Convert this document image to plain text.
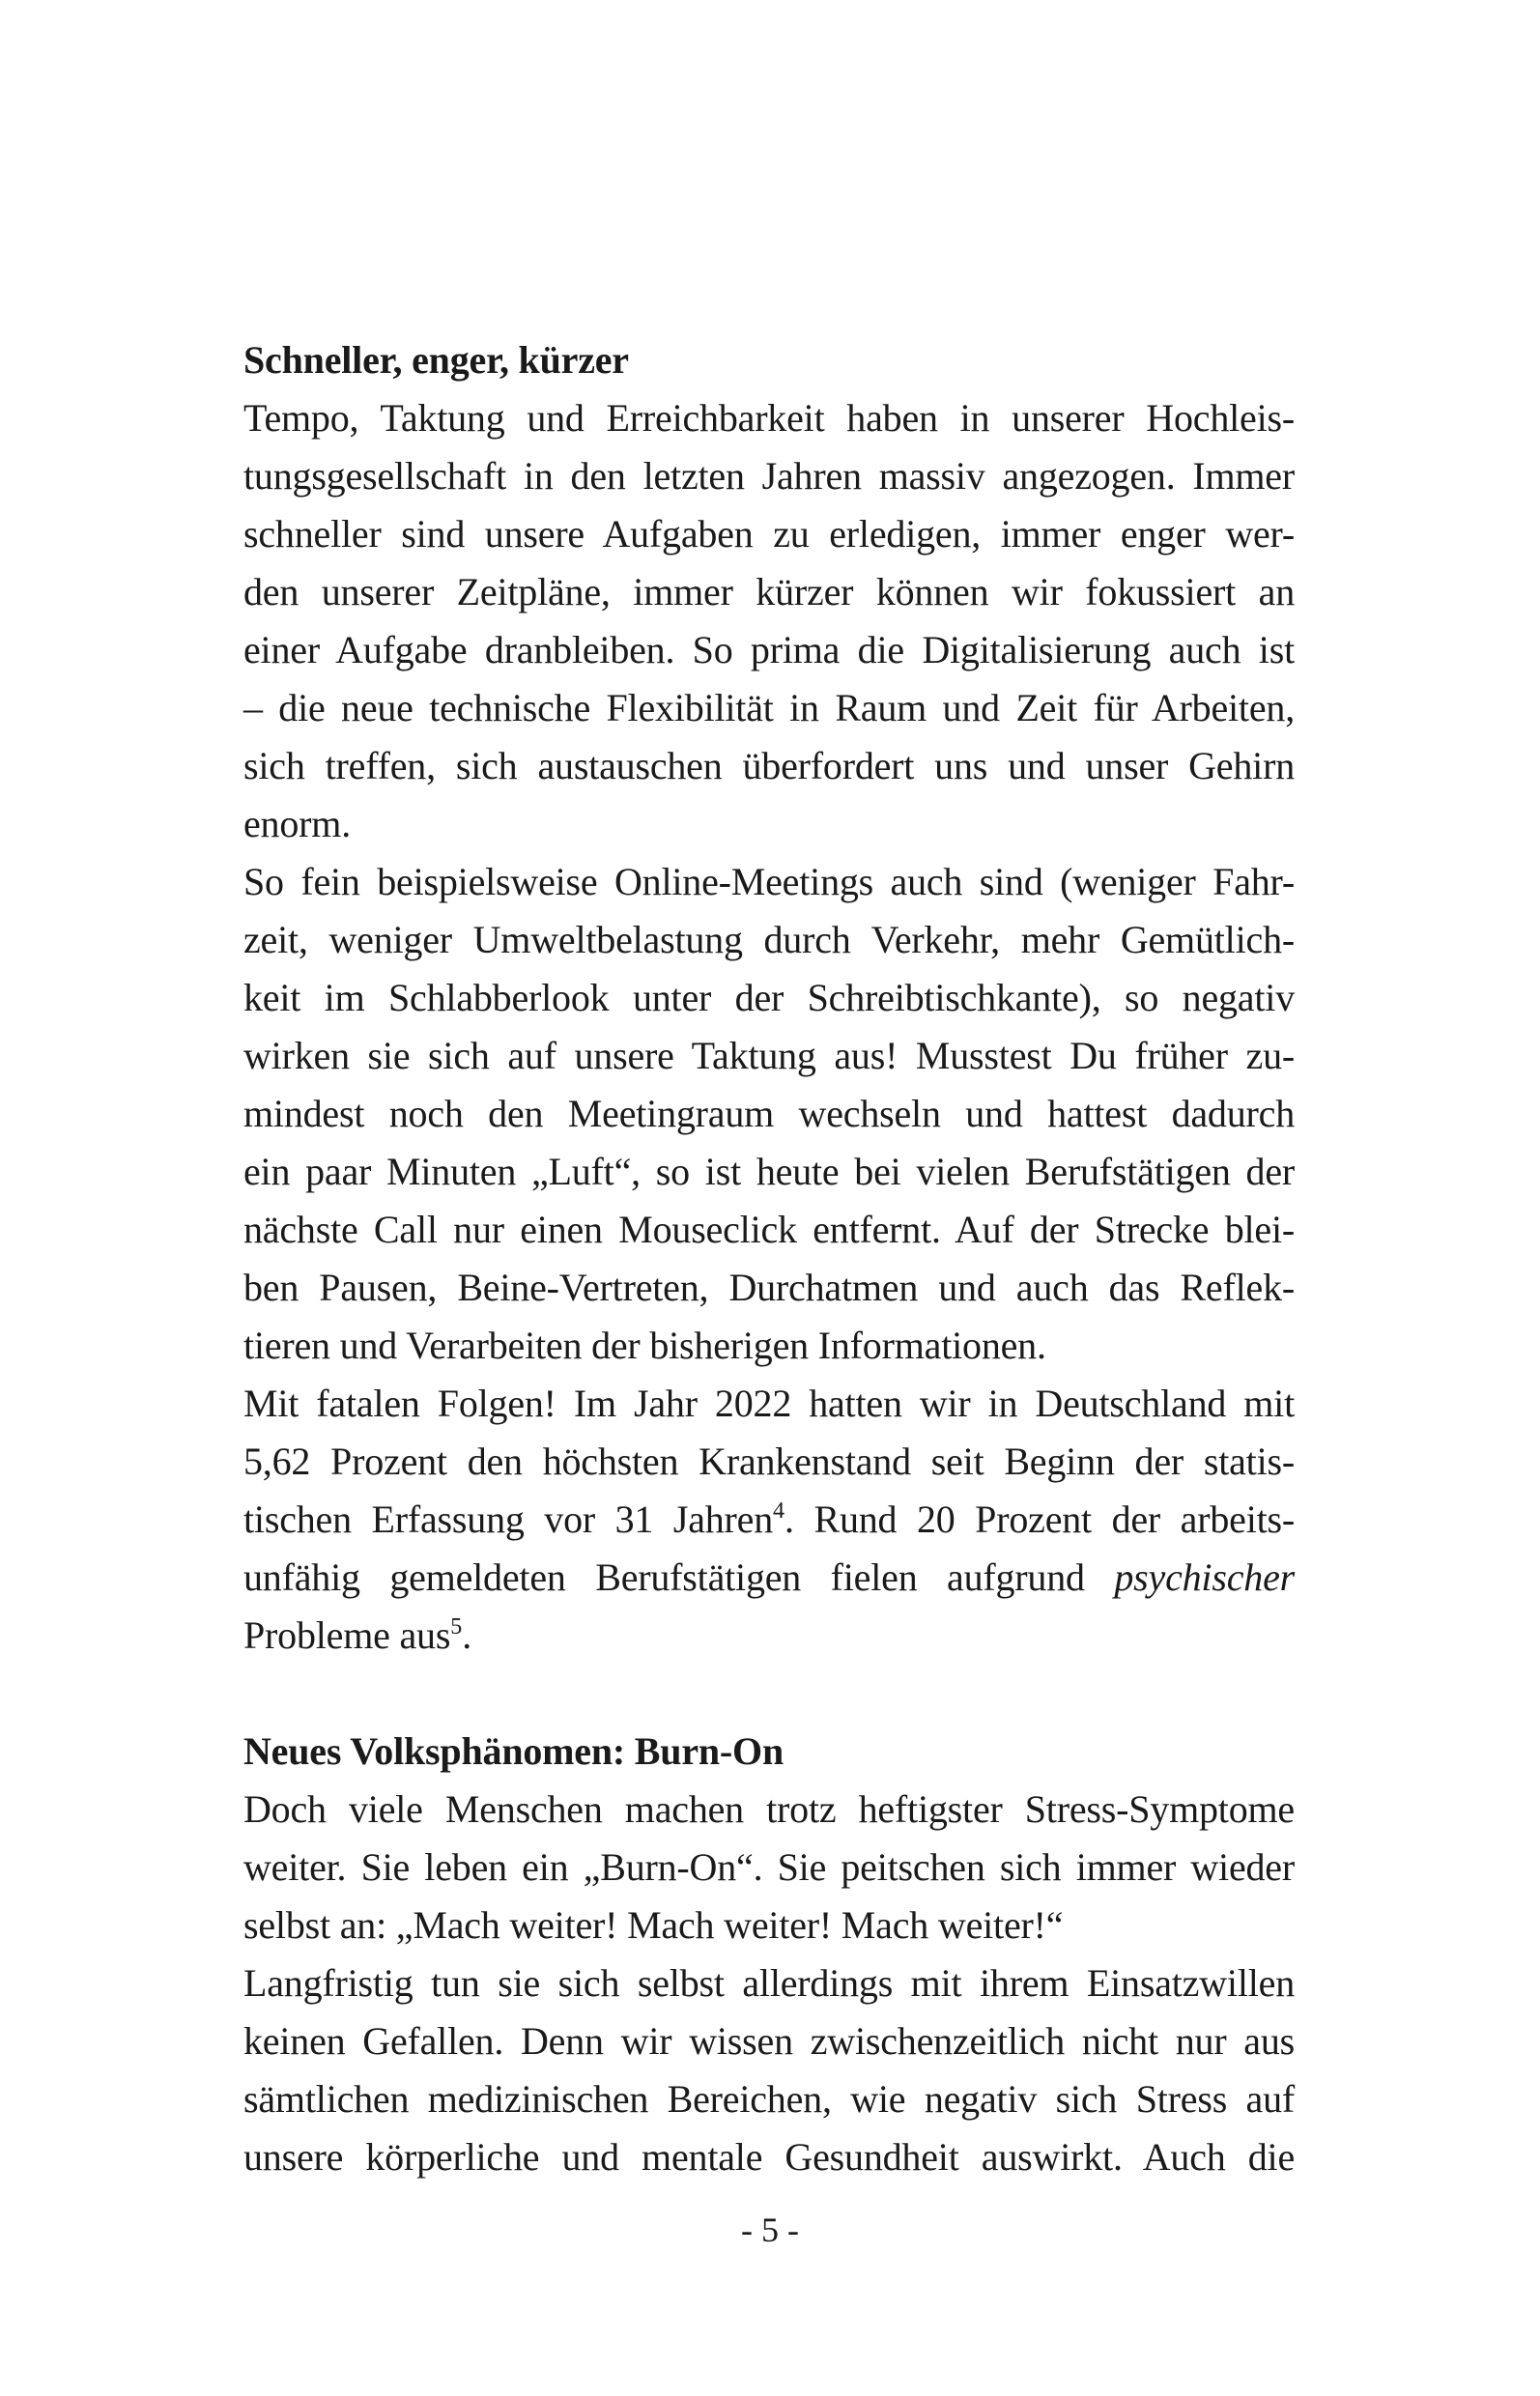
Schneller, enger, kürzer
Tempo, Taktung und Erreichbarkeit haben in unserer Hochleis-
tungsgesellschaft in den letzten Jahren massiv angezogen. Immer
schneller sind unsere Aufgaben zu erledigen, immer enger wer-
den unserer Zeitpläne, immer kürzer können wir fokussiert an
einer Aufgabe dranbleiben. So prima die Digitalisierung auch ist
– die neue technische Flexibilität in Raum und Zeit für Arbeiten,
sich treffen, sich austauschen überfordert uns und unser Gehirn
enorm.
So fein beispielsweise Online-Meetings auch sind (weniger Fahr-
zeit, weniger Umweltbelastung durch Verkehr, mehr Gemütlich-
keit im Schlabberlook unter der Schreibtischkante), so negativ
wirken sie sich auf unsere Taktung aus! Musstest Du früher zu-
mindest noch den Meetingraum wechseln und hattest dadurch
ein paar Minuten „Luft“, so ist heute bei vielen Berufstätigen der
nächste Call nur einen Mouseclick entfernt. Auf der Strecke blei-
ben Pausen, Beine-Vertreten, Durchatmen und auch das Reflek-
tieren und Verarbeiten der bisherigen Informationen.
Mit fatalen Folgen! Im Jahr 2022 hatten wir in Deutschland mit
5,62 Prozent den höchsten Krankenstand seit Beginn der statis-
tischen Erfassung vor 31 Jahren$^4$. Rund 20 Prozent der arbeits-
unfähig gemeldeten Berufstätigen fielen aufgrund psychischer
Probleme aus$^5$.
Neues Volksphänomen: Burn-On
Doch viele Menschen machen trotz heftigster Stress-Symptome
weiter. Sie leben ein „Burn-On“. Sie peitschen sich immer wieder
selbst an: „Mach weiter! Mach weiter! Mach weiter!“
Langfristig tun sie sich selbst allerdings mit ihrem Einsatzwillen
keinen Gefallen. Denn wir wissen zwischenzeitlich nicht nur aus
sämtlichen medizinischen Bereichen, wie negativ sich Stress auf
unsere körperliche und mentale Gesundheit auswirkt. Auch die
- 5 -
